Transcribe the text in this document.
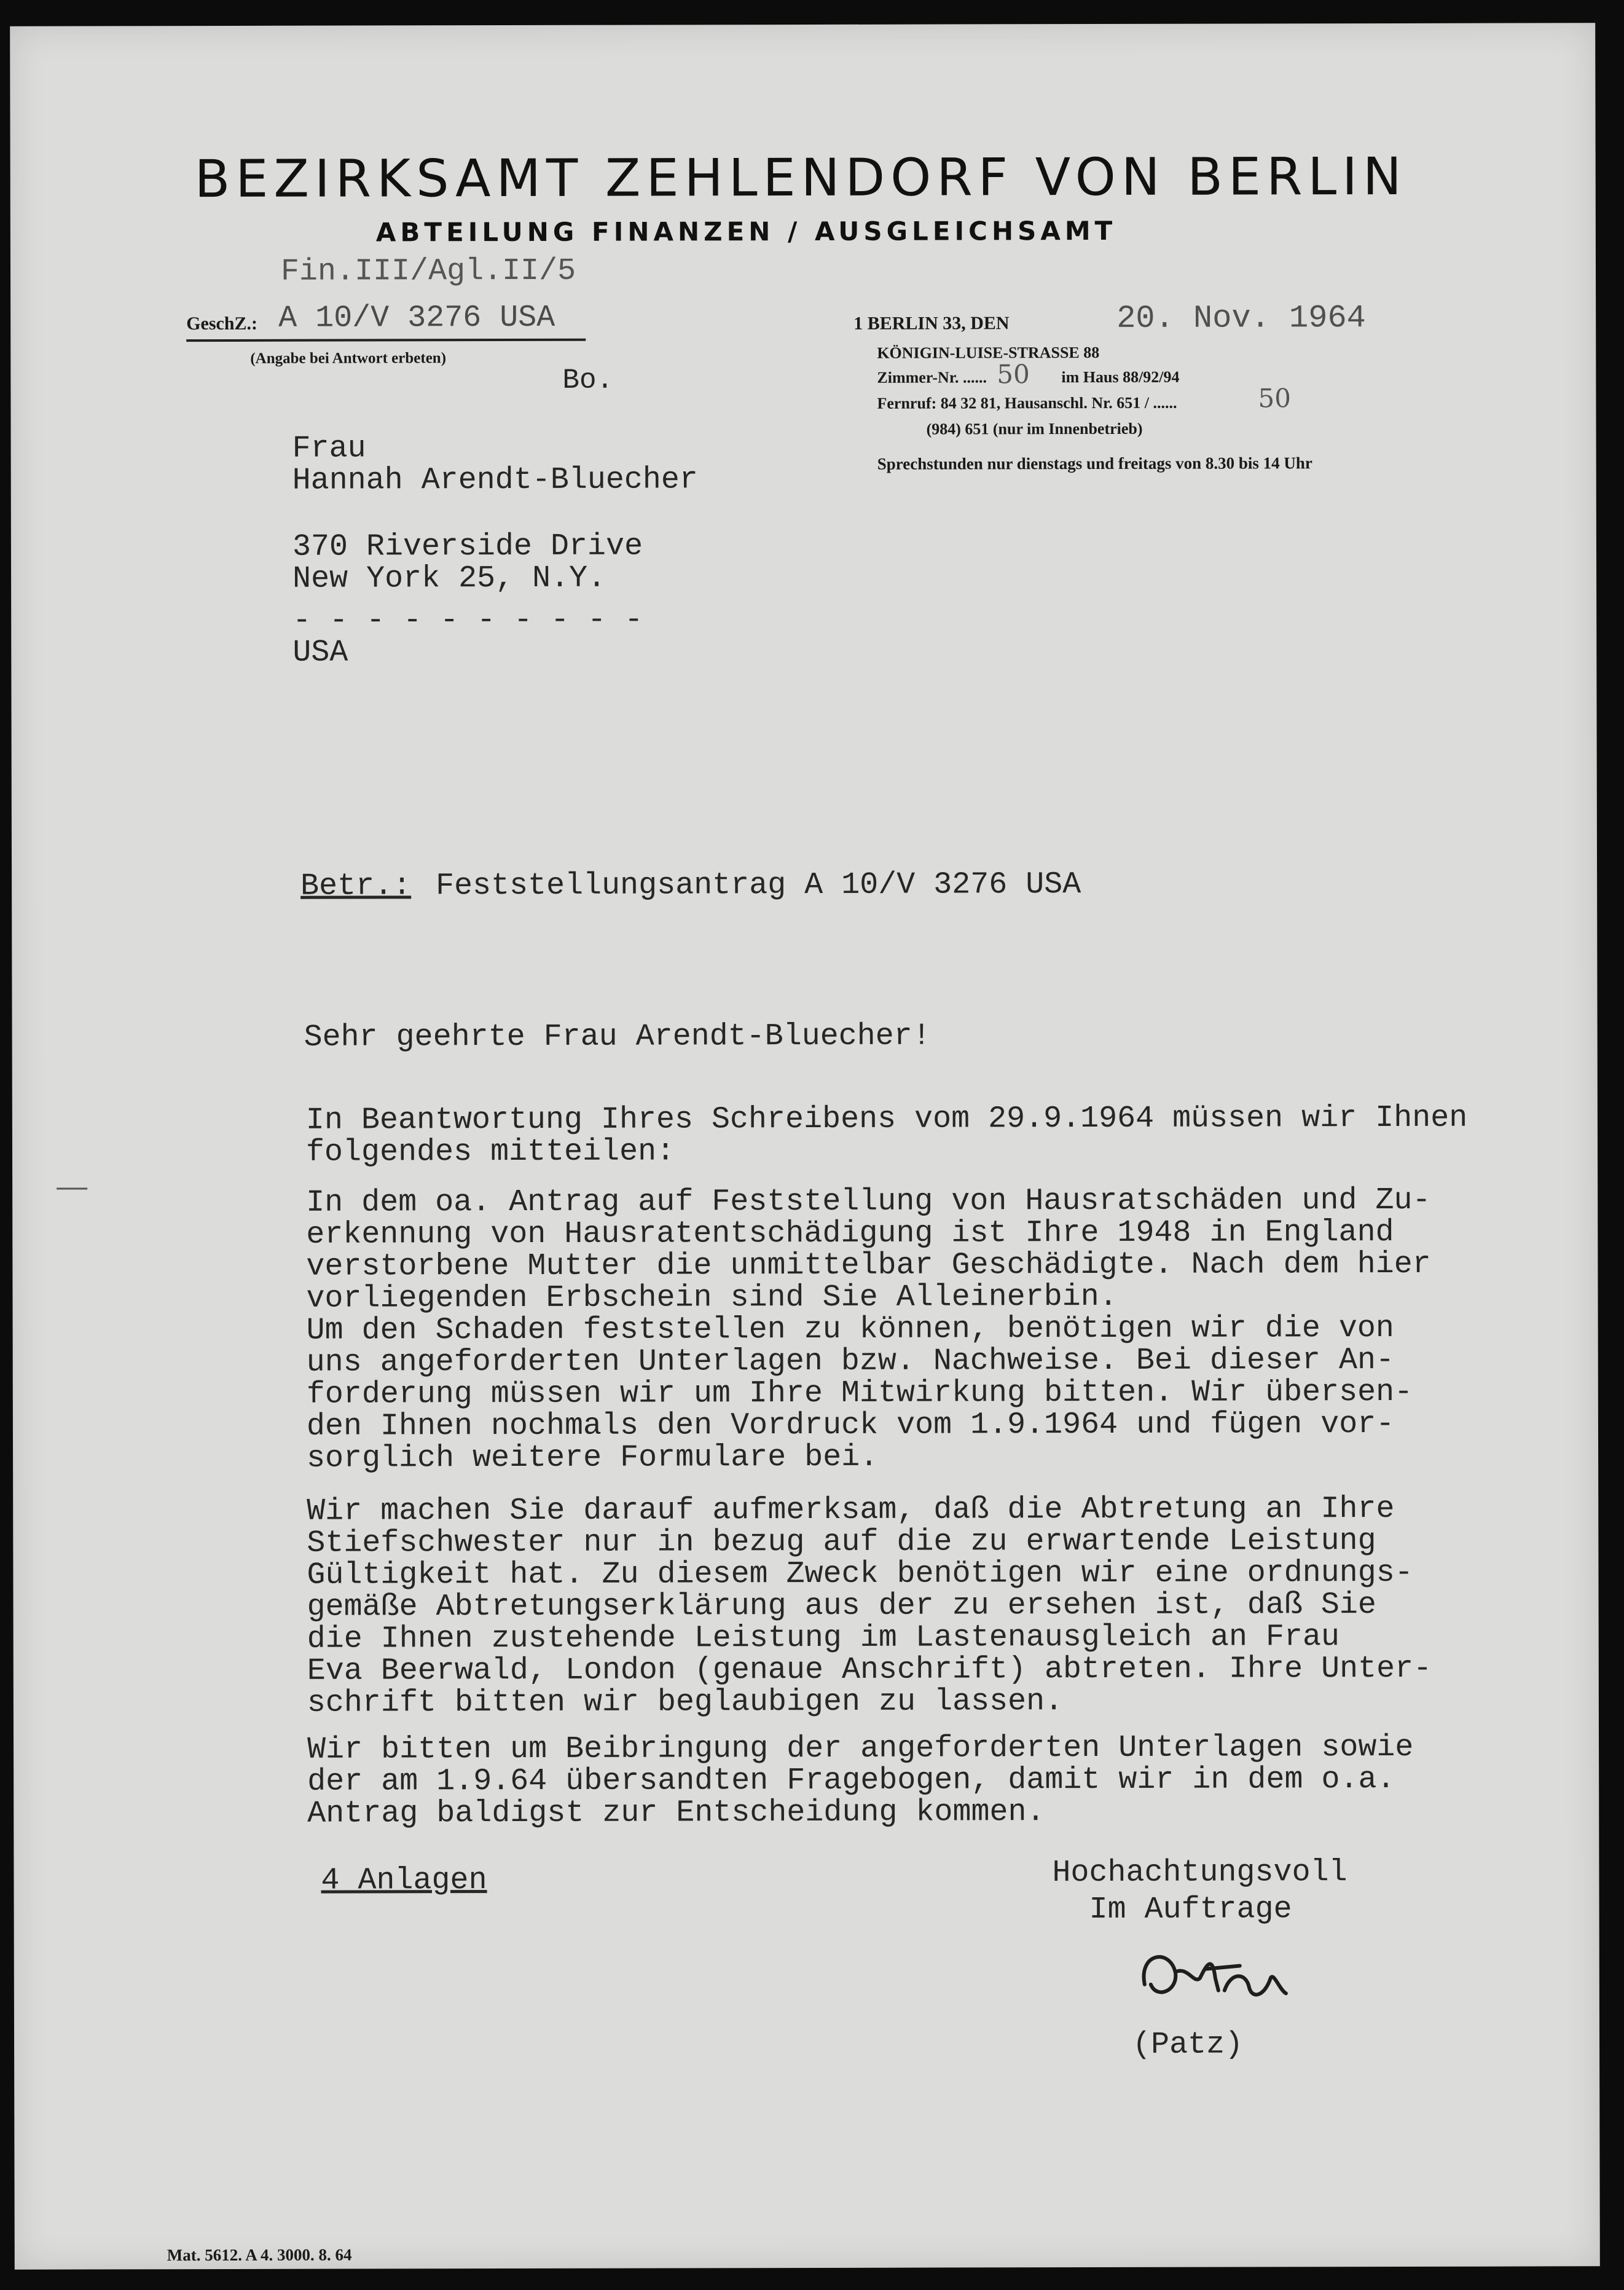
BEZIRKSAMT ZEHLENDORF VON BERLIN
ABTEILUNG FINANZEN / AUSGLEICHSAMT
Fin.III/Agl.II/5
GeschZ.: A 10/V 3276 USA
(Angabe bei Antwort erbeten)
Bo.
1 BERLIN 33, DEN	20. Nov. 1964
KÖNIGIN-LUISE-STRASSE 88
Zimmer-Nr. ...... 50 im Haus 88/92/94
Fernruf: 84 32 81, Hausanschl. Nr. 651 / ......	50
(984) 651 (nur im Innenbetrieb)
Sprechstunden nur dienstags und freitags von 8.30 bis 14 Uhr
Frau
Hannah Arendt-Bluecher
370 Riverside Drive
New York 25, N.Y.
- - - - - - - - - -
USA
Betr.: Feststellungsantrag A 10/V 3276 USA
Sehr geehrte Frau Arendt-Bluecher!
In Beantwortung Ihres Schreibens vom 29.9.1964 müssen wir Ihnen
folgendes mitteilen:
In dem oa. Antrag auf Feststellung von Hausratschäden und Zu-
erkennung von Hausratentschädigung ist Ihre 1948 in England
verstorbene Mutter die unmittelbar Geschädigte. Nach dem hier
vorliegenden Erbschein sind Sie Alleinerbin.
Um den Schaden feststellen zu können, benötigen wir die von
uns angeforderten Unterlagen bzw. Nachweise. Bei dieser An-
forderung müssen wir um Ihre Mitwirkung bitten. Wir übersen-
den Ihnen nochmals den Vordruck vom 1.9.1964 und fügen vor-
sorglich weitere Formulare bei.
Wir machen Sie darauf aufmerksam, daß die Abtretung an Ihre
Stiefschwester nur in bezug auf die zu erwartende Leistung
Gültigkeit hat. Zu diesem Zweck benötigen wir eine ordnungs-
gemäße Abtretungserklärung aus der zu ersehen ist, daß Sie
die Ihnen zustehende Leistung im Lastenausgleich an Frau
Eva Beerwald, London (genaue Anschrift) abtreten. Ihre Unter-
schrift bitten wir beglaubigen zu lassen.
Wir bitten um Beibringung der angeforderten Unterlagen sowie
der am 1.9.64 übersandten Fragebogen, damit wir in dem o.a.
Antrag baldigst zur Entscheidung kommen.
4 Anlagen	Hochachtungsvoll
Im Auftrage
(Patz)
Mat. 5612. A 4. 3000. 8. 64
